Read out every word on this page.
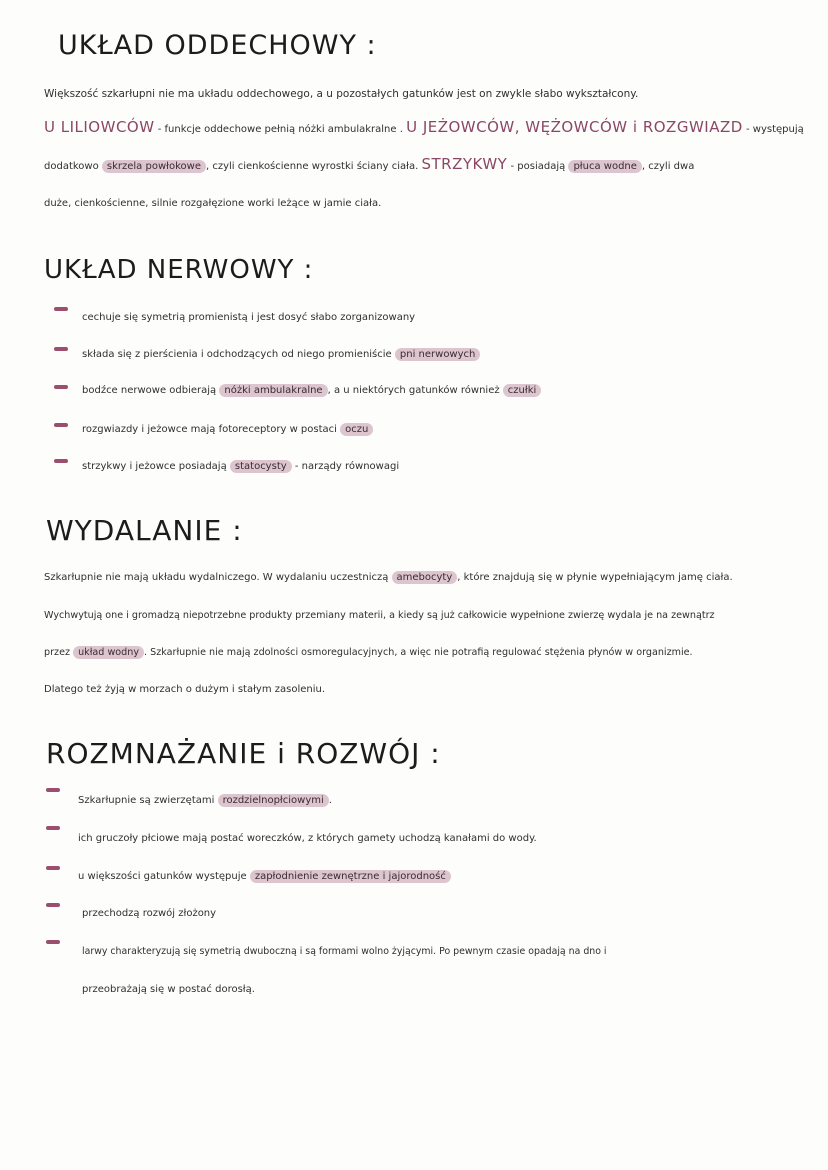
UKŁAD ODDECHOWY :

Większość szkarłupni nie ma układu oddechowego, a u pozostałych gatunków jest on zwykle słabo wykształcony.

U LILIOWCÓW - funkcje oddechowe pełnią nóżki ambulakralne . U JEŻOWCÓW, WĘŻOWCÓW i ROZGWIAZD - występują

dodatkowo skrzela powłokowe , czyli cienkościenne wyrostki ściany ciała. STRZYKWY - posiadają płuca wodne , czyli dwa

duże, cienkościenne, silnie rozgałęzione worki leżące w jamie ciała.

UKŁAD NERWOWY :

cechuje się symetrią promienistą i jest dosyć słabo zorganizowany

składa się z pierścienia i odchodzących od niego promieniście pni nerwowych

bodźce nerwowe odbierają nóżki ambulakralne , a u niektórych gatunków również czułki

rozgwiazdy i jeżowce mają fotoreceptory w postaci oczu

strzykwy i jeżowce posiadają statocysty - narządy równowagi

WYDALANIE :

Szkarłupnie nie mają układu wydalniczego. W wydalaniu uczestniczą amebocyty , które znajdują się w płynie wypełniającym jamę ciała.

Wychwytują one i gromadzą niepotrzebne produkty przemiany materii, a kiedy są już całkowicie wypełnione zwierzę wydala je na zewnątrz

przez układ wodny . Szkarłupnie nie mają zdolności osmoregulacyjnych, a więc nie potrafią regulować stężenia płynów w organizmie.

Dlatego też żyją w morzach o dużym i stałym zasoleniu.

ROZMNAŻANIE i ROZWÓJ :

Szkarłupnie są zwierzętami rozdzielnopłciowymi .

ich gruczoły płciowe mają postać woreczków, z których gamety uchodzą kanałami do wody.

u większości gatunków występuje zapłodnienie zewnętrzne i jajorodność

przechodzą rozwój złożony

larwy charakteryzują się symetrią dwuboczną i są formami wolno żyjącymi. Po pewnym czasie opadają na dno i

przeobrażają się w postać dorosłą.
